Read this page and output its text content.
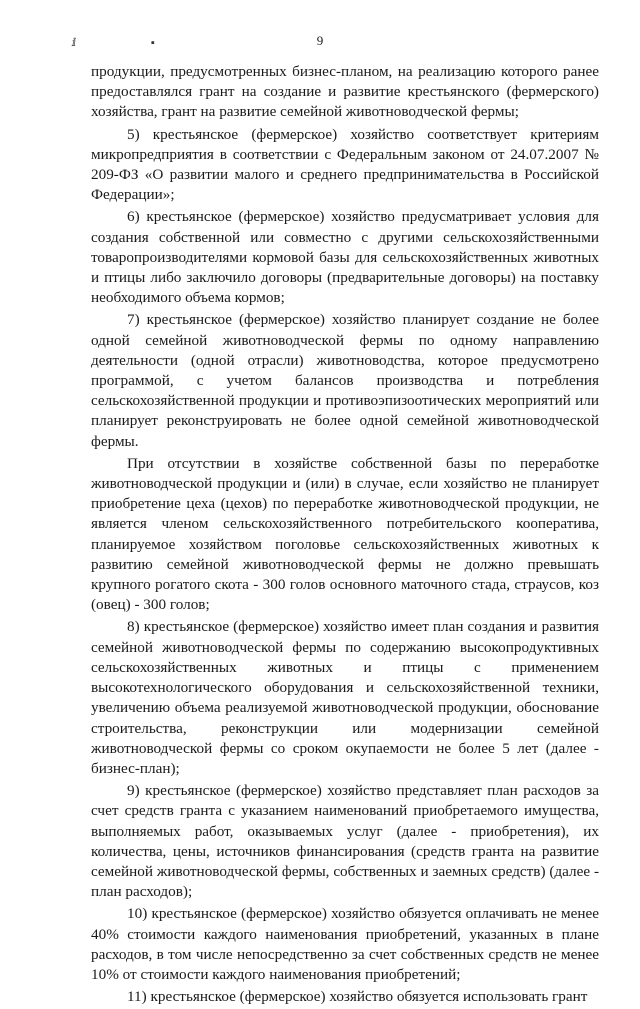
ⅈ ▪	9

продукции, предусмотренных бизнес-планом, на реализацию которого ранее предоставлялся грант на создание и развитие крестьянского (фермерского) хозяйства, грант на развитие семейной животноводческой фермы;

5) крестьянское (фермерское) хозяйство соответствует критериям микропредприятия в соответствии с Федеральным законом от 24.07.2007 № 209-ФЗ «О развитии малого и среднего предпринимательства в Российской Федерации»;

6) крестьянское (фермерское) хозяйство предусматривает условия для создания собственной или совместно с другими сельскохозяйственными товаропроизводителями кормовой базы для сельскохозяйственных животных и птицы либо заключило договоры (предварительные договоры) на поставку необходимого объема кормов;

7) крестьянское (фермерское) хозяйство планирует создание не более одной семейной животноводческой фермы по одному направлению деятельности (одной отрасли) животноводства, которое предусмотрено программой, с учетом балансов производства и потребления сельскохозяйственной продукции и противоэпизоотических мероприятий или планирует реконструировать не более одной семейной животноводческой фермы.

При отсутствии в хозяйстве собственной базы по переработке животноводческой продукции и (или) в случае, если хозяйство не планирует приобретение цеха (цехов) по переработке животноводческой продукции, не является членом сельскохозяйственного потребительского кооператива, планируемое хозяйством поголовье сельскохозяйственных животных к развитию семейной животноводческой фермы не должно превышать крупного рогатого скота - 300 голов основного маточного стада, страусов, коз (овец) - 300 голов;

8) крестьянское (фермерское) хозяйство имеет план создания и развития семейной животноводческой фермы по содержанию высокопродуктивных сельскохозяйственных животных и птицы с применением высокотехнологического оборудования и сельскохозяйственной техники, увеличению объема реализуемой животноводческой продукции, обоснование строительства, реконструкции или модернизации семейной животноводческой фермы со сроком окупаемости не более 5 лет (далее - бизнес-план);

9) крестьянское (фермерское) хозяйство представляет план расходов за счет средств гранта с указанием наименований приобретаемого имущества, выполняемых работ, оказываемых услуг (далее - приобретения), их количества, цены, источников финансирования (средств гранта на развитие семейной животноводческой фермы, собственных и заемных средств) (далее - план расходов);

10) крестьянское (фермерское) хозяйство обязуется оплачивать не менее 40% стоимости каждого наименования приобретений, указанных в плане расходов, в том числе непосредственно за счет собственных средств не менее 10% от стоимости каждого наименования приобретений;

11) крестьянское (фермерское) хозяйство обязуется использовать грант
